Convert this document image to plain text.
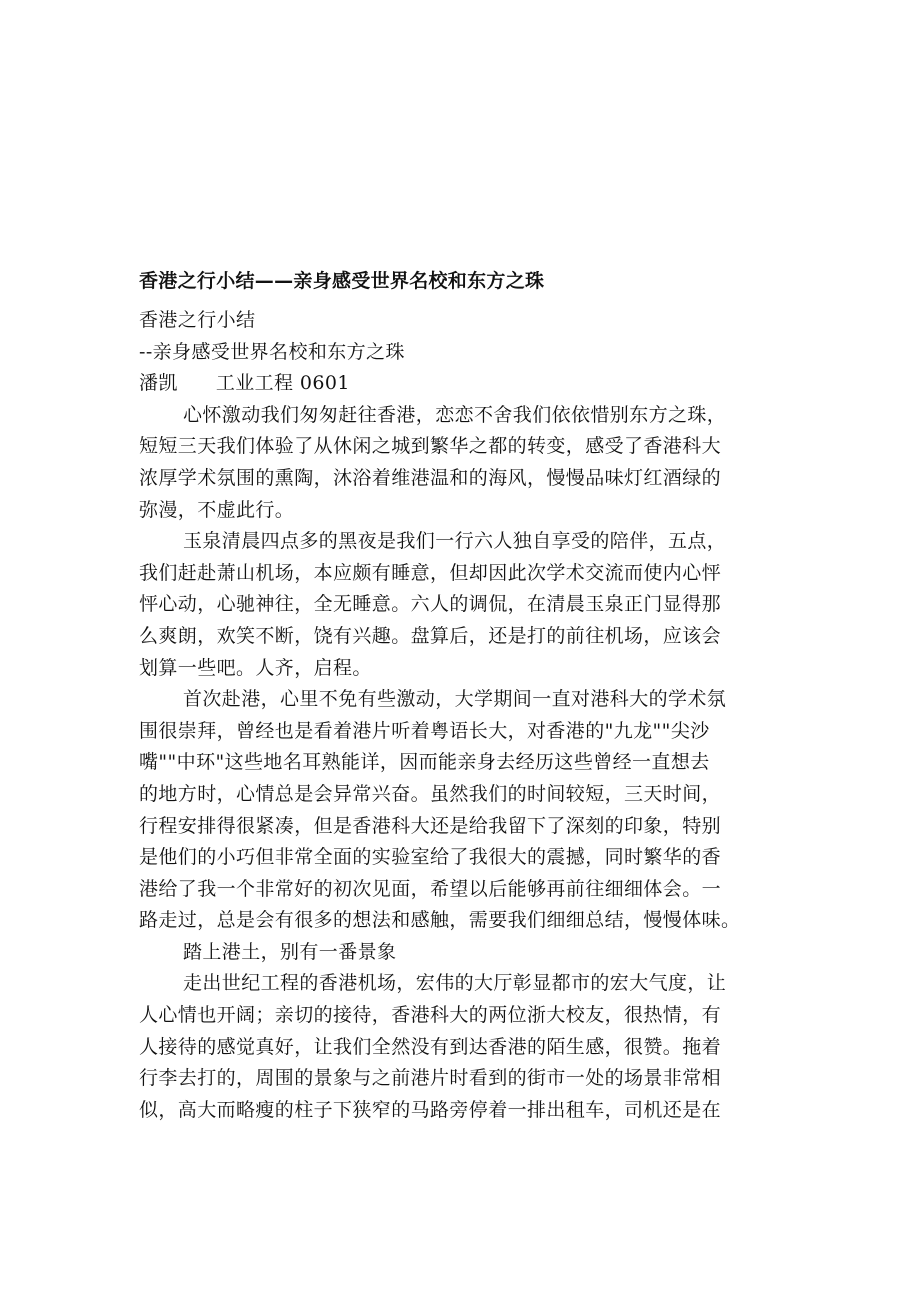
香港之行小结——亲身感受世界名校和东方之珠
香港之行小结
--亲身感受世界名校和东方之珠
潘凯 工业工程 0601
心怀激动我们匆匆赶往香港，恋恋不舍我们依依惜别东方之珠，
短短三天我们体验了从休闲之城到繁华之都的转变，感受了香港科大
浓厚学术氛围的熏陶，沐浴着维港温和的海风，慢慢品味灯红酒绿的
弥漫，不虚此行。
玉泉清晨四点多的黑夜是我们一行六人独自享受的陪伴，五点，
我们赶赴萧山机场，本应颇有睡意，但却因此次学术交流而使内心怦
怦心动，心驰神往，全无睡意。六人的调侃，在清晨玉泉正门显得那
么爽朗，欢笑不断，饶有兴趣。盘算后，还是打的前往机场，应该会
划算一些吧。人齐，启程。
首次赴港，心里不免有些激动，大学期间一直对港科大的学术氛
围很崇拜，曾经也是看着港片听着粤语长大，对香港的"九龙""尖沙
嘴""中环"这些地名耳熟能详，因而能亲身去经历这些曾经一直想去
的地方时，心情总是会异常兴奋。虽然我们的时间较短，三天时间，
行程安排得很紧凑，但是香港科大还是给我留下了深刻的印象，特别
是他们的小巧但非常全面的实验室给了我很大的震撼，同时繁华的香
港给了我一个非常好的初次见面，希望以后能够再前往细细体会。一
路走过，总是会有很多的想法和感触，需要我们细细总结，慢慢体味。
踏上港土，别有一番景象
走出世纪工程的香港机场，宏伟的大厅彰显都市的宏大气度，让
人心情也开阔；亲切的接待，香港科大的两位浙大校友，很热情，有
人接待的感觉真好，让我们全然没有到达香港的陌生感，很赞。拖着
行李去打的，周围的景象与之前港片时看到的街市一处的场景非常相
似，高大而略瘦的柱子下狭窄的马路旁停着一排出租车，司机还是在
